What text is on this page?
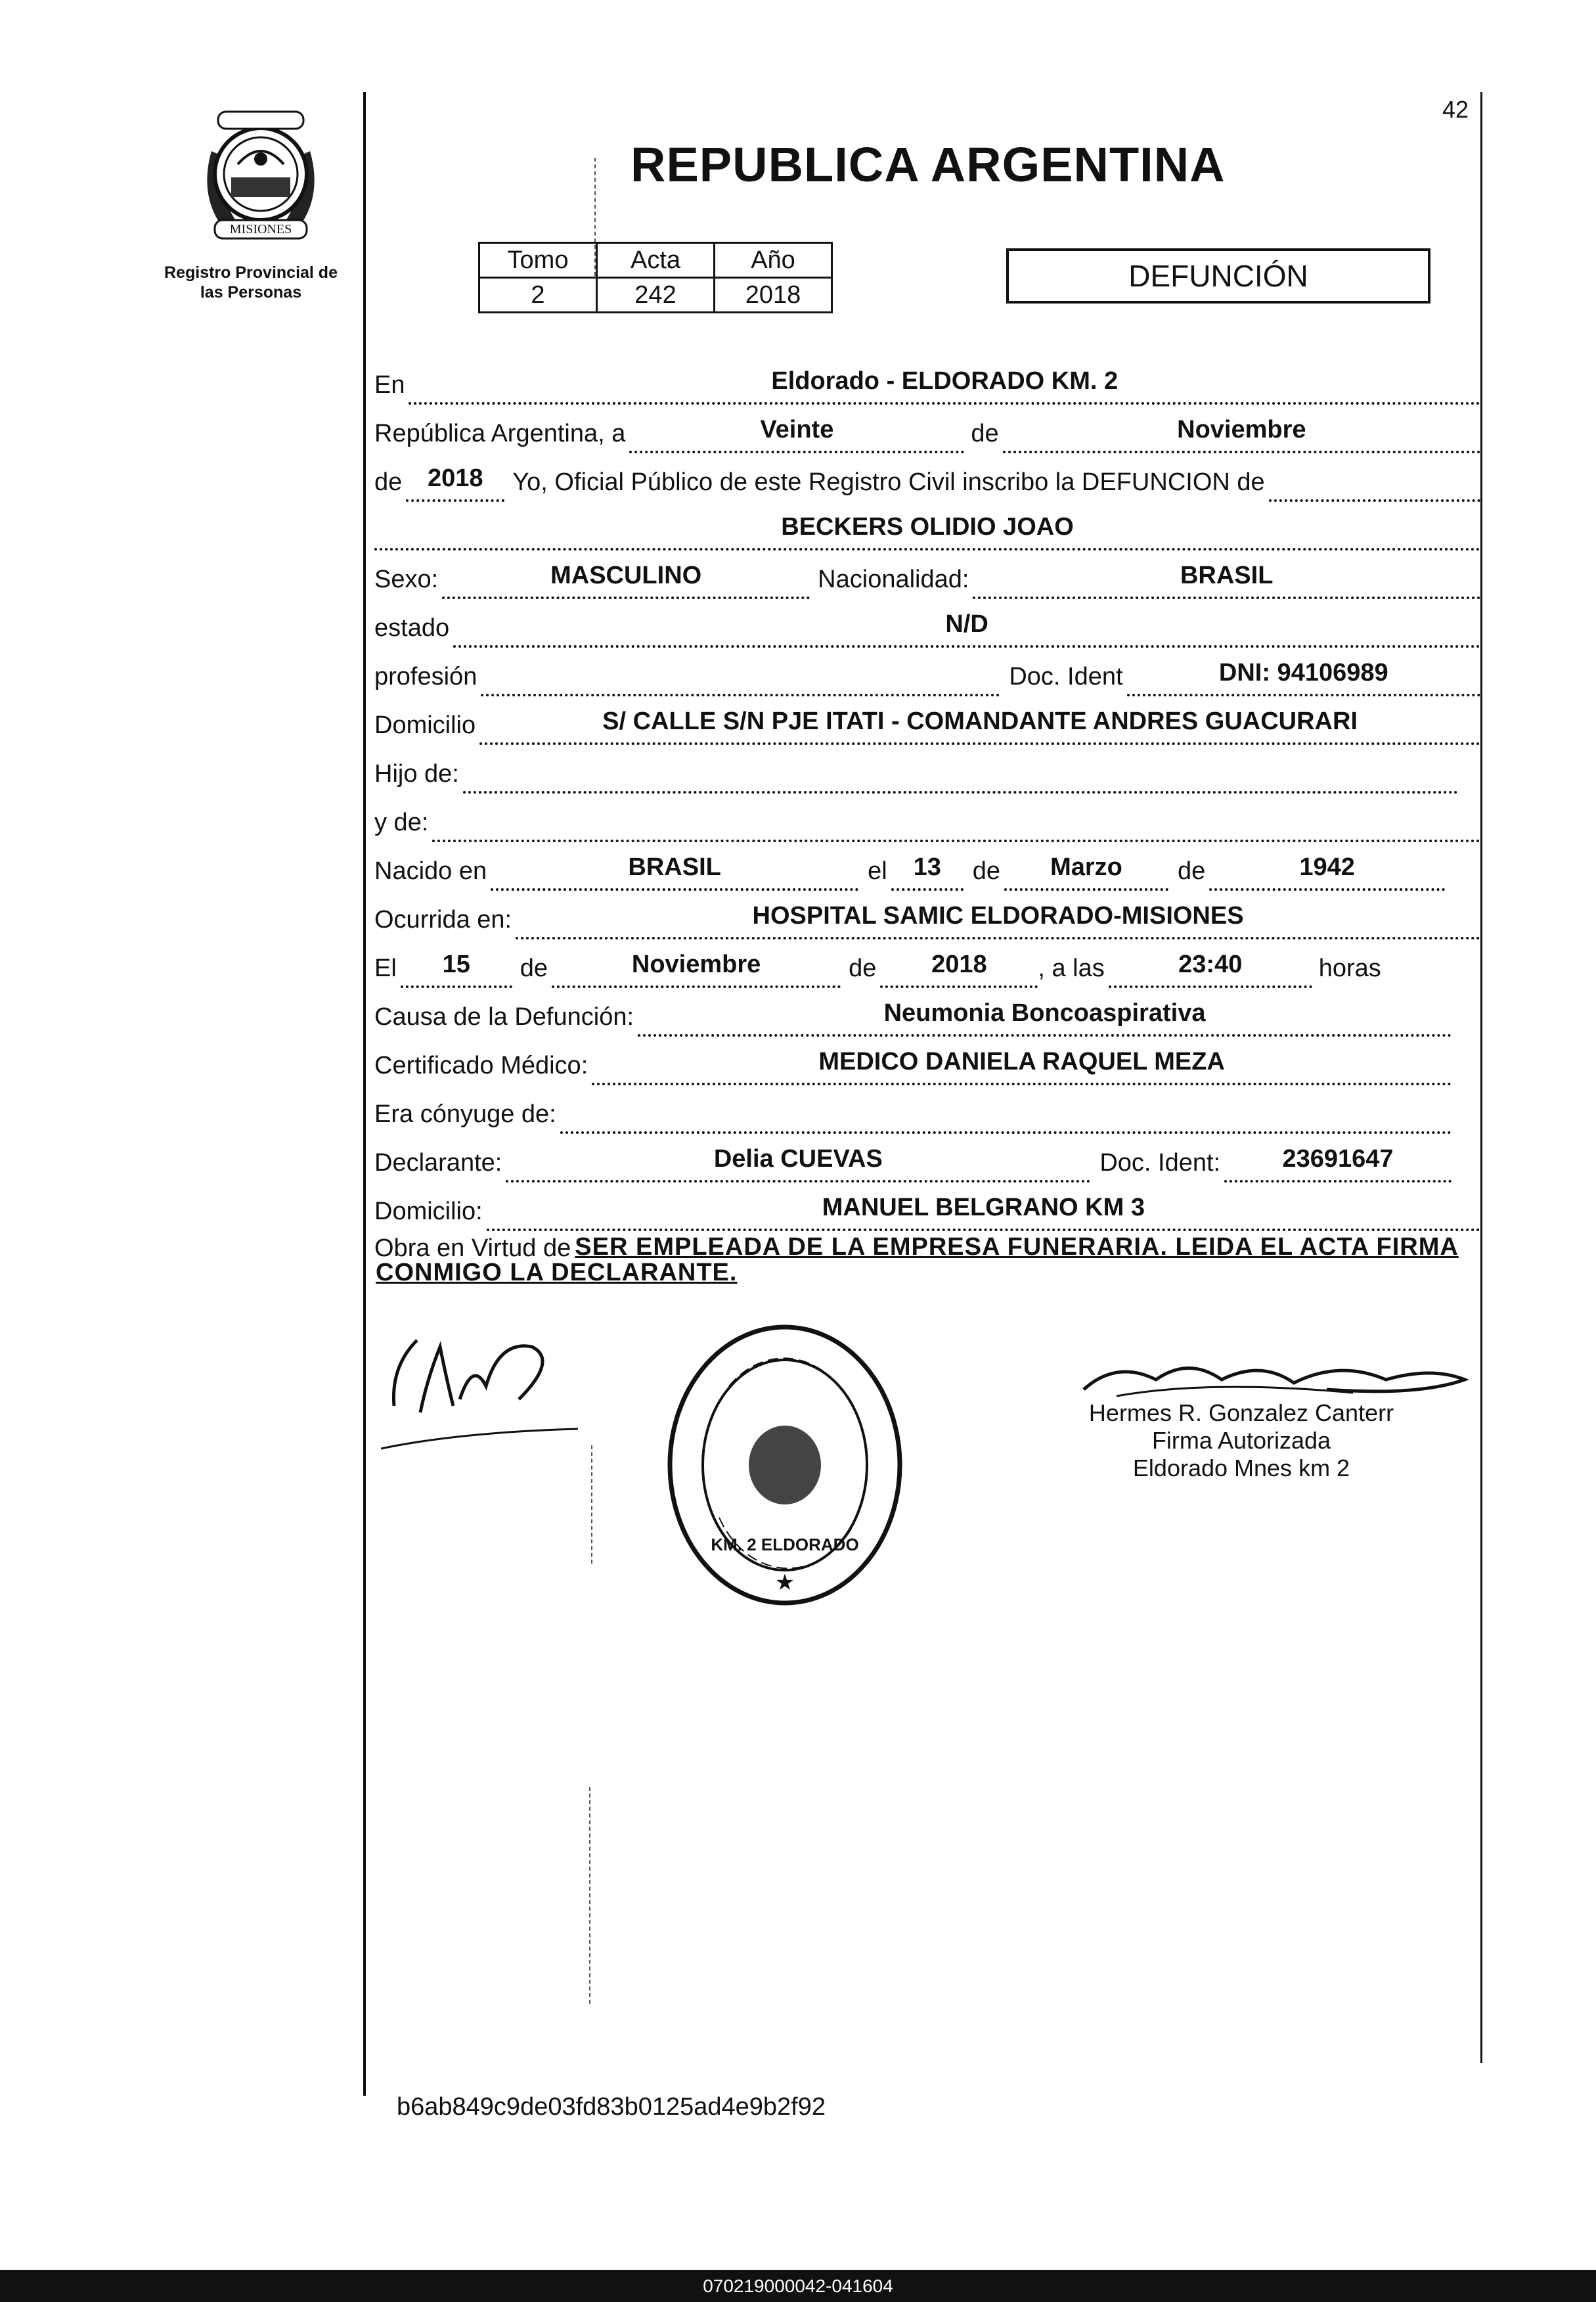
42
MISIONES
Registro Provincial de las Personas
REPUBLICA ARGENTINA
Tomo	Acta	Año
2	242	2018
DEFUNCIÓN
En	Eldorado - ELDORADO KM. 2
República Argentina, a	Veinte	de	Noviembre
de	2018	Yo, Oficial Público de este Registro Civil inscribo la DEFUNCION de
BECKERS OLIDIO JOAO
Sexo:	MASCULINO	Nacionalidad:	BRASIL
estado	N/D
profesión	Doc. Ident	DNI: 94106989
Domicilio	S/ CALLE S/N PJE ITATI - COMANDANTE ANDRES GUACURARI
Hijo de:
y de:
Nacido en	BRASIL	el	13	de	Marzo	de	1942
Ocurrida en:	HOSPITAL SAMIC ELDORADO-MISIONES
El	15	de	Noviembre	de	2018	, a las	23:40	horas
Causa de la Defunción:	Neumonia Boncoaspirativa
Certificado Médico:	MEDICO DANIELA RAQUEL MEZA
Era cónyuge de:
Declarante:	Delia CUEVAS	Doc. Ident:	23691647
Domicilio:	MANUEL BELGRANO KM 3
Obra en Virtud de SER EMPLEADA DE LA EMPRESA FUNERARIA. LEIDA EL ACTA FIRMA
CONMIGO LA DECLARANTE.
KM. 2 ELDORADO
★
Hermes R. Gonzalez Canterr
Firma Autorizada
Eldorado Mnes km 2
b6ab849c9de03fd83b0125ad4e9b2f92
070219000042-041604
